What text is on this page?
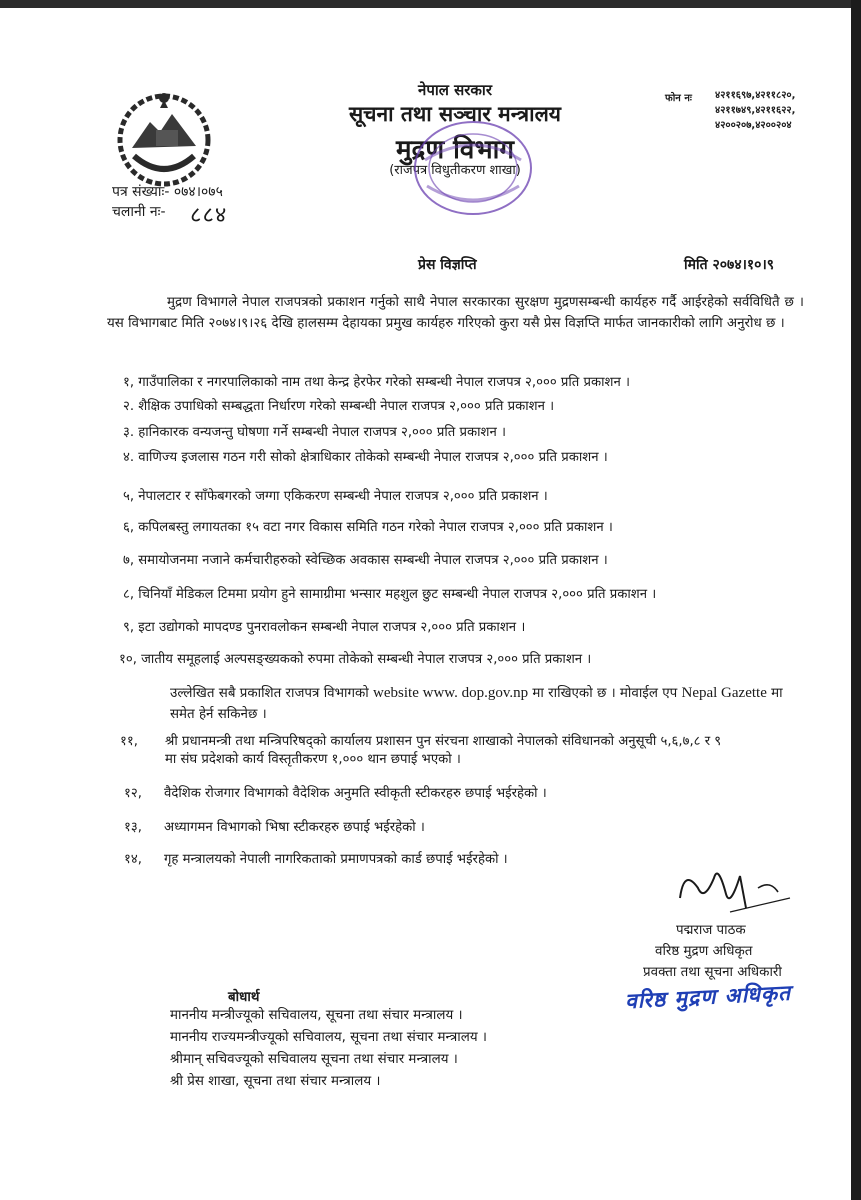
नेपाल सरकार
सूचना तथा सञ्चार मन्त्रालय
मुद्रण विभाग
(राजपत्र विधुतीकरण शाखा)
फोन नः ४२११६९७,४२११८२०,
४२११७४९,४२११६२२,
४२००२०७,४२००२०४
पत्र संख्याः- ०७४।०७५
चलानी नः- ८८४
प्रेस विज्ञप्ति	मिति २०७४।१०।९
मुद्रण विभागले नेपाल राजपत्रको प्रकाशन गर्नुको साथै नेपाल सरकारका सुरक्षण मुद्रणसम्बन्धी कार्यहरु गर्दै आईरहेको सर्वविधितै छ । यस विभागबाट मिति २०७४।९।२६ देखि हालसम्म देहायका प्रमुख कार्यहरु गरिएको कुरा यसै प्रेस विज्ञप्ति मार्फत जानकारीको लागि अनुरोध छ ।
१, गाउँपालिका र नगरपालिकाको नाम तथा केन्द्र हेरफेर गरेको सम्बन्धी नेपाल राजपत्र २,००० प्रति प्रकाशन ।
२. शैक्षिक उपाधिको सम्बद्धता निर्धारण गरेको सम्बन्धी नेपाल राजपत्र २,००० प्रति प्रकाशन ।
३. हानिकारक वन्यजन्तु घोषणा गर्ने सम्बन्धी नेपाल राजपत्र २,००० प्रति प्रकाशन ।
४. वाणिज्य इजलास गठन गरी सोको क्षेत्राधिकार तोकेको सम्बन्धी नेपाल राजपत्र २,००० प्रति प्रकाशन ।
५, नेपालटार र साँफेबगरको जग्गा एकिकरण सम्बन्धी नेपाल राजपत्र २,००० प्रति प्रकाशन ।
६, कपिलबस्तु लगायतका १५ वटा नगर विकास समिति गठन गरेको नेपाल राजपत्र २,००० प्रति प्रकाशन ।
७, समायोजनमा नजाने कर्मचारीहरुको स्वेच्छिक अवकास सम्बन्धी नेपाल राजपत्र २,००० प्रति प्रकाशन ।
८, चिनियाँ मेडिकल टिममा प्रयोग हुने सामाग्रीमा भन्सार महशुल छुट सम्बन्धी नेपाल राजपत्र २,००० प्रति प्रकाशन ।
९, इटा उद्योगको मापदण्ड पुनरावलोकन सम्बन्धी नेपाल राजपत्र २,००० प्रति प्रकाशन ।
१०, जातीय समूहलाई अल्पसङ्ख्यकको रुपमा तोकेको सम्बन्धी नेपाल राजपत्र २,००० प्रति प्रकाशन ।
उल्लेखित सबै प्रकाशित राजपत्र विभागको website www. dop.gov.np मा राखिएको छ । मोवाईल एप Nepal Gazette मा समेत हेर्न सकिनेछ ।
११, श्री प्रधानमन्त्री तथा मन्त्रिपरिषद्‌को कार्यालय प्रशासन पुन संरचना शाखाको नेपालको संविधानको अनुसूची ५,६,७,८ र ९ मा संघ प्रदेशको कार्य विस्तृतीकरण १,००० थान छपाई भएको ।
१२, वैदेशिक रोजगार विभागको वैदेशिक अनुमति स्वीकृती स्टीकरहरु छपाई भईरहेको ।
१३, अध्यागमन विभागको भिषा स्टीकरहरु छपाई भईरहेको ।
१४, गृह मन्त्रालयको नेपाली नागरिकताको प्रमाणपत्रको कार्ड छपाई भईरहेको ।
पद्मराज पाठक
वरिष्ठ मुद्रण अधिकृत
प्रवक्ता तथा सूचना अधिकारी
वरिष्ठ मुद्रण अधिकृत
बोधार्थ
माननीय मन्त्रीज्यूको सचिवालय, सूचना तथा संचार मन्त्रालय ।
माननीय राज्यमन्त्रीज्यूको सचिवालय, सूचना तथा संचार मन्त्रालय ।
श्रीमान् सचिवज्यूको सचिवालय सूचना तथा संचार मन्त्रालय ।
श्री प्रेस शाखा, सूचना तथा संचार मन्त्रालय ।
